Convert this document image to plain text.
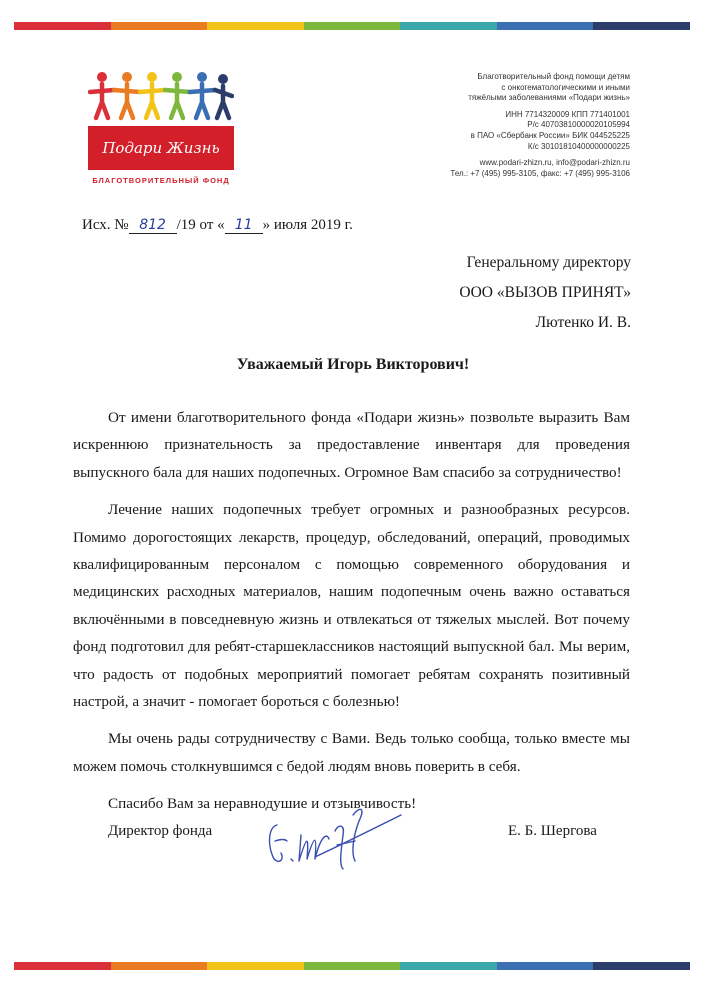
Подари Жизнь
БЛАГОТВОРИТЕЛЬНЫЙ ФОНД
Благотворительный фонд помощи детям
с онкогематологическими и иными
тяжёлыми заболеваниями «Подари жизнь»
ИНН 7714320009 КПП 771401001
Р/с 40703810000020105994
в ПАО «Сбербанк России» БИК 044525225
К/с 30101810400000000225
www.podari-zhizn.ru, info@podari-zhizn.ru
Тел.: +7 (495) 995-3105, факс: +7 (495) 995-3106
Исх. № 812 /19 от « 11 » июля 2019 г.
Генеральному директору
ООО «ВЫЗОВ ПРИНЯТ»
Лютенко И. В.
Уважаемый Игорь Викторович!

От имени благотворительного фонда «Подари жизнь» позвольте выразить Вам искреннюю признательность за предоставление инвентаря для проведения выпускного бала для наших подопечных. Огромное Вам спасибо за сотрудничество!

Лечение наших подопечных требует огромных и разнообразных ресурсов. Помимо дорогостоящих лекарств, процедур, обследований, операций, проводимых квалифицированным персоналом с помощью современного оборудования и медицинских расходных материалов, нашим подопечным очень важно оставаться включёнными в повседневную жизнь и отвлекаться от тяжелых мыслей. Вот почему фонд подготовил для ребят-старшеклассников настоящий выпускной бал. Мы верим, что радость от подобных мероприятий помогает ребятам сохранять позитивный настрой, а значит - помогает бороться с болезнью!

Мы очень рады сотрудничеству с Вами. Ведь только сообща, только вместе мы можем помочь столкнувшимся с бедой людям вновь поверить в себя.

Спасибо Вам за неравнодушие и отзывчивость!

Директор фонда	Е. Б. Шергова
